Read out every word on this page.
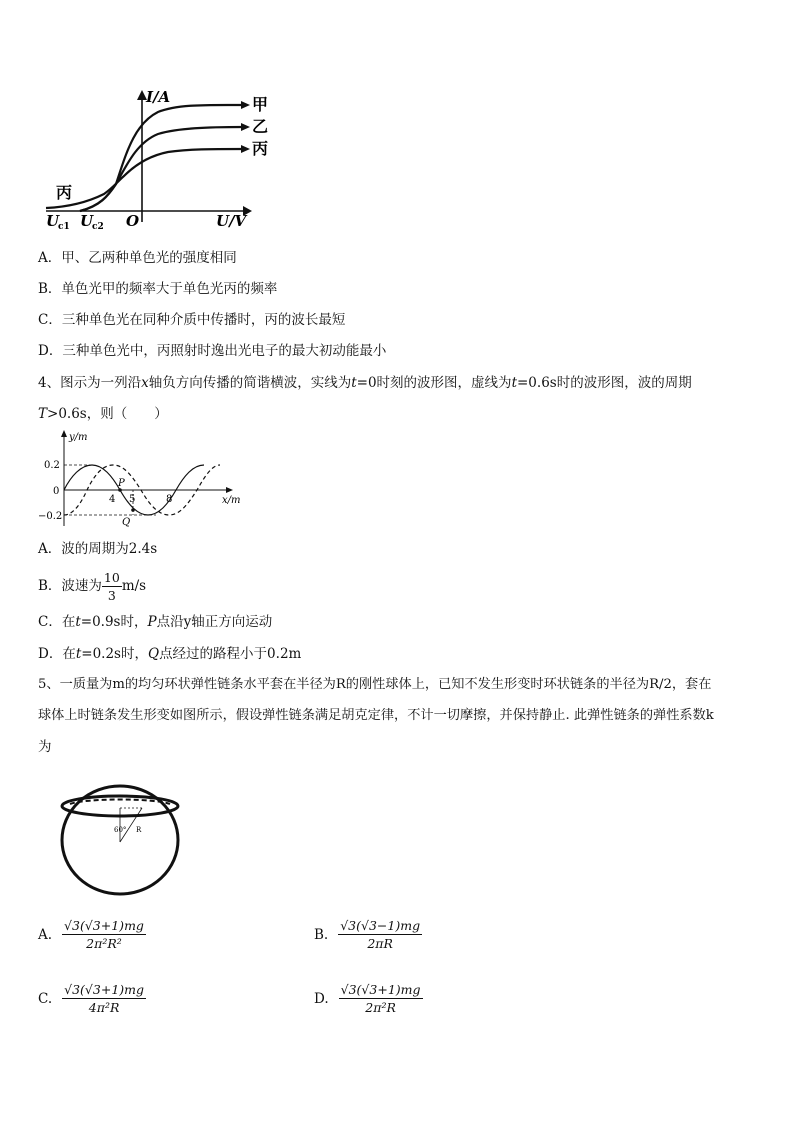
I/A
U/V
O
U
c1 U
c2
甲
乙
丙
丙
A．甲、乙两种单色光的强度相同
B．单色光甲的频率大于单色光丙的频率
C．三种单色光在同种介质中传播时，丙的波长最短
D．三种单色光中，丙照射时逸出光电子的最大初动能最小
4、图示为一列沿x轴负方向传播的简谐横波，实线为t=0时刻的波形图，虚线为t=0.6s时的波形图，波的周期
T>0.6s，则（　　）
y/m
x/m
0.2
0
−0.2
4 5	8
P
Q
A．波的周期为2.4s
B．波速为 $\frac{10}{3} m/s$
C．在t=0.9s时，P点沿y轴正方向运动
D．在t=0.2s时，Q点经过的路程小于0.2m
5、一质量为m的均匀环状弹性链条水平套在半径为R的刚性球体上，已知不发生形变时环状链条的半径为R/2，套在
球体上时链条发生形变如图所示，假设弹性链条满足胡克定律，不计一切摩擦，并保持静止. 此弹性链条的弹性系数k
为
60° R
A. $\frac{√3(√3+1)mg}{\text{2π²R²}}$	B. $\frac{√3(√3-1)mg}{2\pi R}$
C. $\frac{√3(√3+1)mg}{\text{4π²R}}$	D. $\frac{√3(√3+1)mg}{\text{2π²R}}$
